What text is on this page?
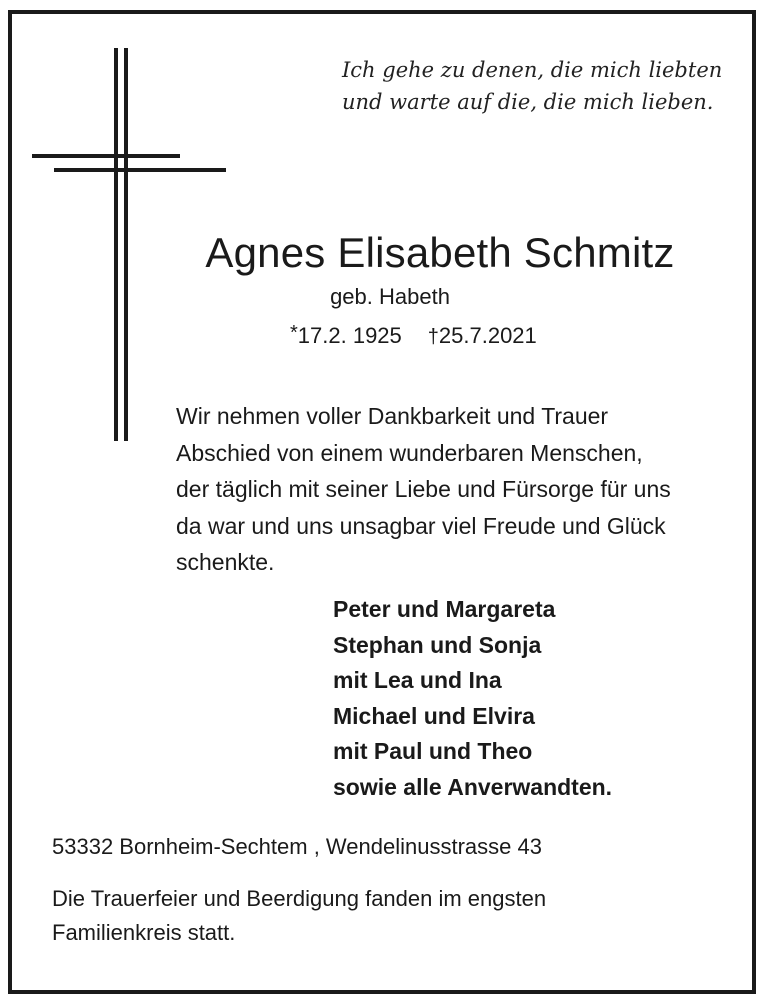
Ich gehe zu denen, die mich liebten
und warte auf die, die mich lieben.
Agnes Elisabeth Schmitz
geb. Habeth
*17.2. 1925 †25.7.2021
Wir nehmen voller Dankbarkeit und Trauer
Abschied von einem wunderbaren Menschen,
der täglich mit seiner Liebe und Fürsorge für uns
da war und uns unsagbar viel Freude und Glück
schenkte.
Peter und Margareta
Stephan und Sonja
mit Lea und Ina
Michael und Elvira
mit Paul und Theo
sowie alle Anverwandten.
53332 Bornheim-Sechtem , Wendelinusstrasse 43
Die Trauerfeier und Beerdigung fanden im engsten
Familienkreis statt.
